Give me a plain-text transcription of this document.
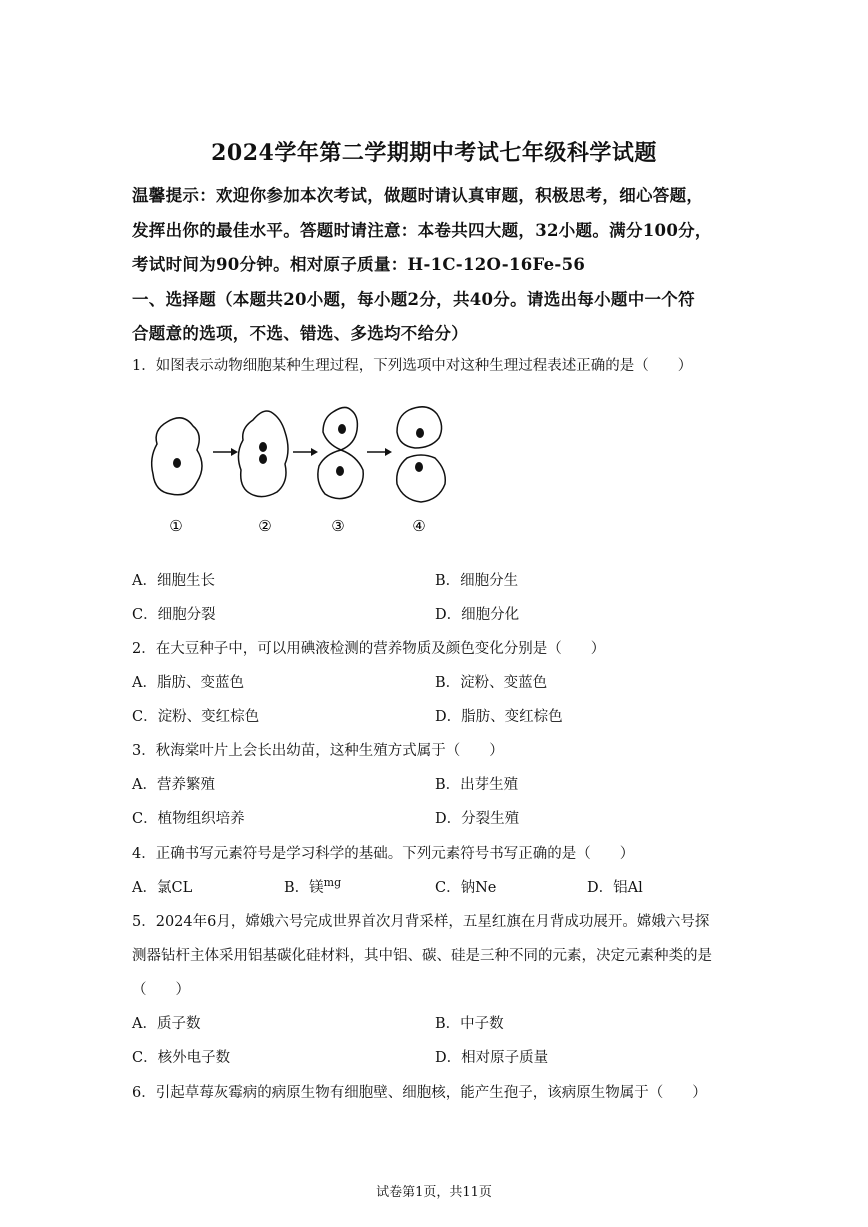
2024学年第二学期期中考试七年级科学试题
温馨提示：欢迎你参加本次考试，做题时请认真审题，积极思考，细心答题，
发挥出你的最佳水平。答题时请注意：本卷共四大题，32小题。满分100分，
考试时间为90分钟。相对原子质量：H-1C-12O-16Fe-56
一、选择题（本题共20小题，每小题2分，共40分。请选出每小题中一个符
合题意的选项，不选、错选、多选均不给分）
1．如图表示动物细胞某种生理过程，下列选项中对这种生理过程表述正确的是（　　）
①	②	③	④
A．细胞生长	B．细胞分生
C．细胞分裂	D．细胞分化
2．在大豆种子中，可以用碘液检测的营养物质及颜色变化分别是（　　）
A．脂肪、变蓝色	B．淀粉、变蓝色
C．淀粉、变红棕色	D．脂肪、变红棕色
3．秋海棠叶片上会长出幼苗，这种生殖方式属于（　　）
A．营养繁殖	B．出芽生殖
C．植物组织培养	D．分裂生殖
4．正确书写元素符号是学习科学的基础。下列元素符号书写正确的是（　　）
A．氯CL	B．镁$^{mg}$	C．钠Ne	D．铝Al
5．2024年6月，嫦娥六号完成世界首次月背采样，五星红旗在月背成功展开。嫦娥六号探
测器钻杆主体采用铝基碳化硅材料，其中铝、碳、硅是三种不同的元素，决定元素种类的是
（　　）
A．质子数	B．中子数
C．核外电子数	D．相对原子质量
6．引起草莓灰霉病的病原生物有细胞壁、细胞核，能产生孢子，该病原生物属于（　　）
试卷第1页，共11页
